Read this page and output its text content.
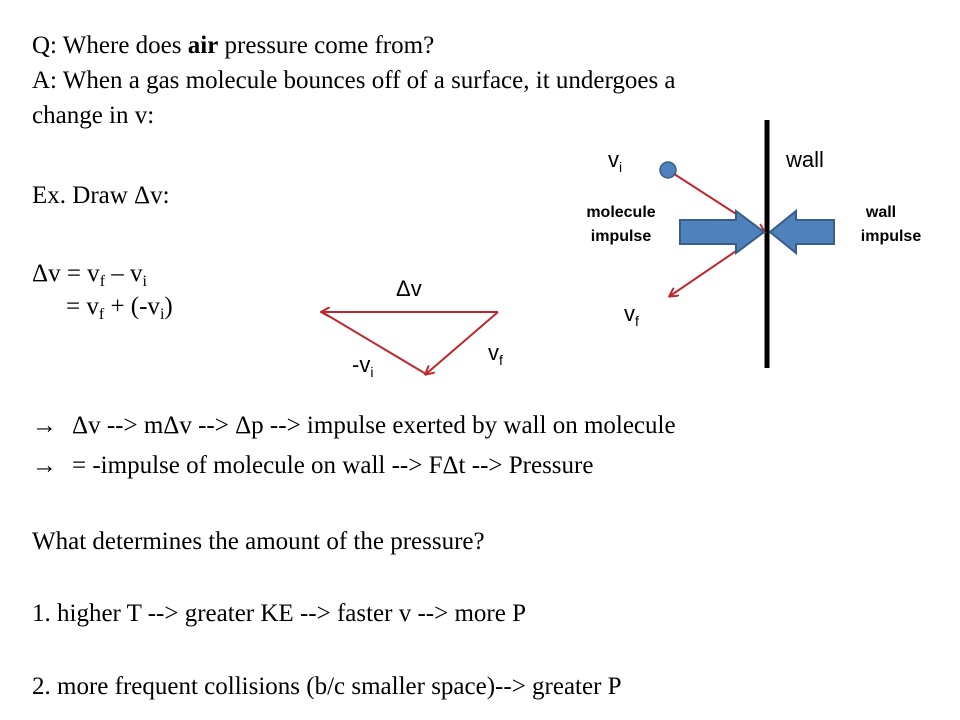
Q: Where does air pressure come from?
A: When a gas molecule bounces off of a surface, it undergoes a
change in v:
Ex. Draw Δv:
$\Delta v = v_f - v_i$
= $v_f + (-v_i)$
→ Δv --> mΔv --> Δp --> impulse exerted by wall on molecule
→ = -impulse of molecule on wall --> FΔt --> Pressure
What determines the amount of the pressure?
1. higher T --> greater KE --> faster v --> more P
2. more frequent collisions (b/c smaller space)--> greater P
Δv
$v_f$
$-v_i$
$v_i$	wall
molecule
impulse
wall
impulse
$v_f$
